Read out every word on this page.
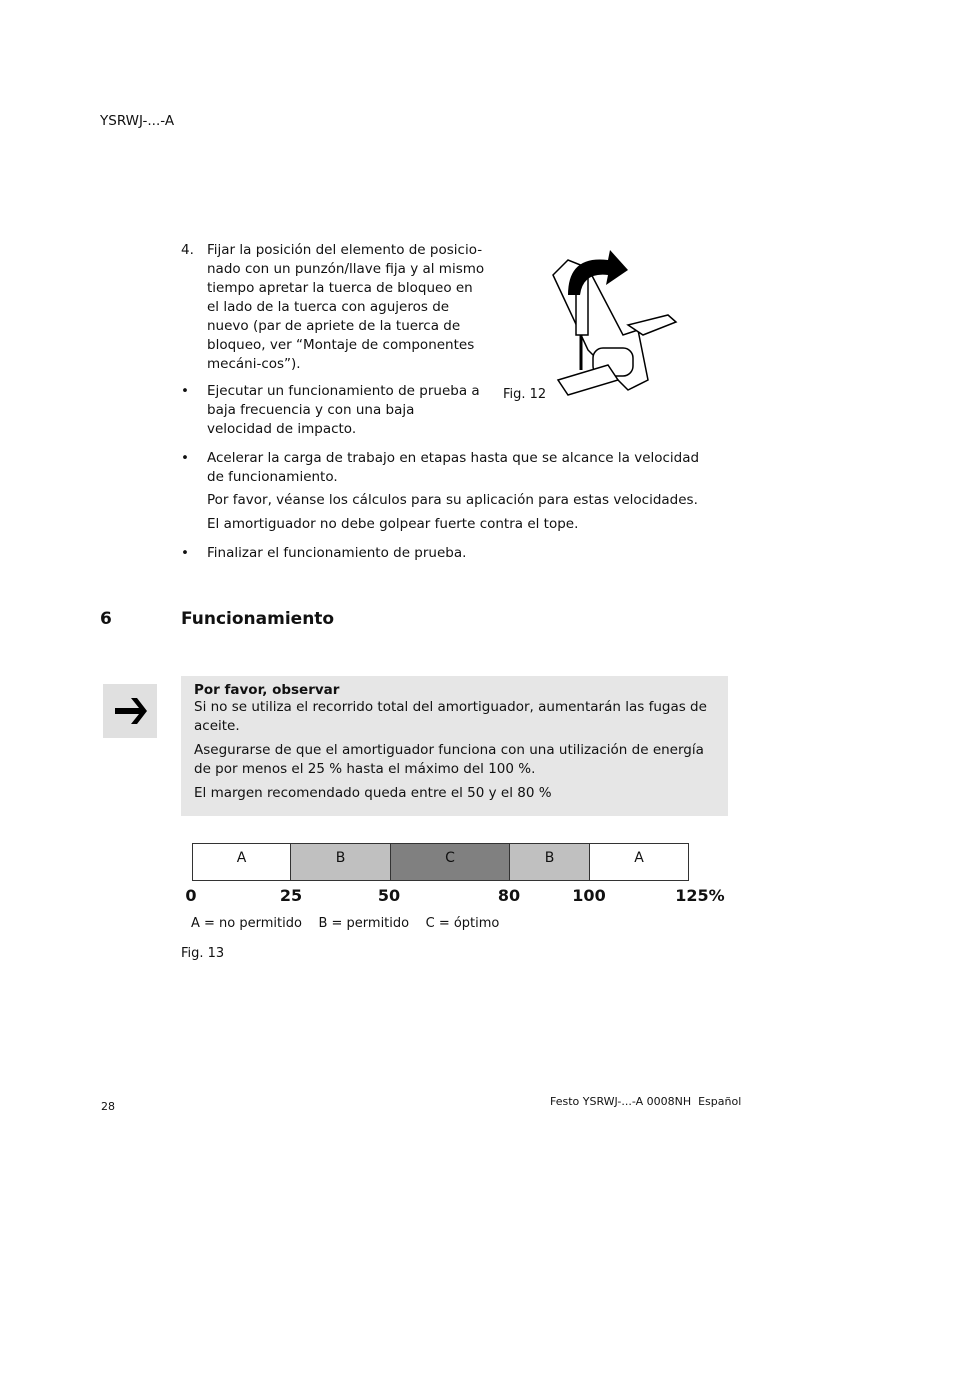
YSRWJ-...-A
4. Fijar la posición del elemento de posicio-nado con un punzón/llave fija y al mismo tiempo apretar la tuerca de bloqueo en el lado de la tuerca con agujeros de nuevo (par de apriete de la tuerca de bloqueo, ver “Montaje de componentes mecáni-cos”).
• Ejecutar un funcionamiento de prueba a baja frecuencia y con una baja velocidad de impacto.
• Acelerar la carga de trabajo en etapas hasta que se alcance la velocidad de funcionamiento.
Por favor, véanse los cálculos para su aplicación para estas velocidades.
El amortiguador no debe golpear fuerte contra el tope.
• Finalizar el funcionamiento de prueba.
Fig. 12
6	Funcionamiento
Por favor, observar
Si no se utiliza el recorrido total del amortiguador, aumentarán las fugas de aceite.
Asegurarse de que el amortiguador funciona con una utilización de energía de por menos el 25 % hasta el máximo del 100 %.
El margen recomendado queda entre el 50 y el 80 %
A	B	C	B	A
0	25	50	80	100	125%
A = no permitido    B = permitido    C = óptimo
Fig. 13
28	Festo YSRWJ-...-A 0008NH  Español
